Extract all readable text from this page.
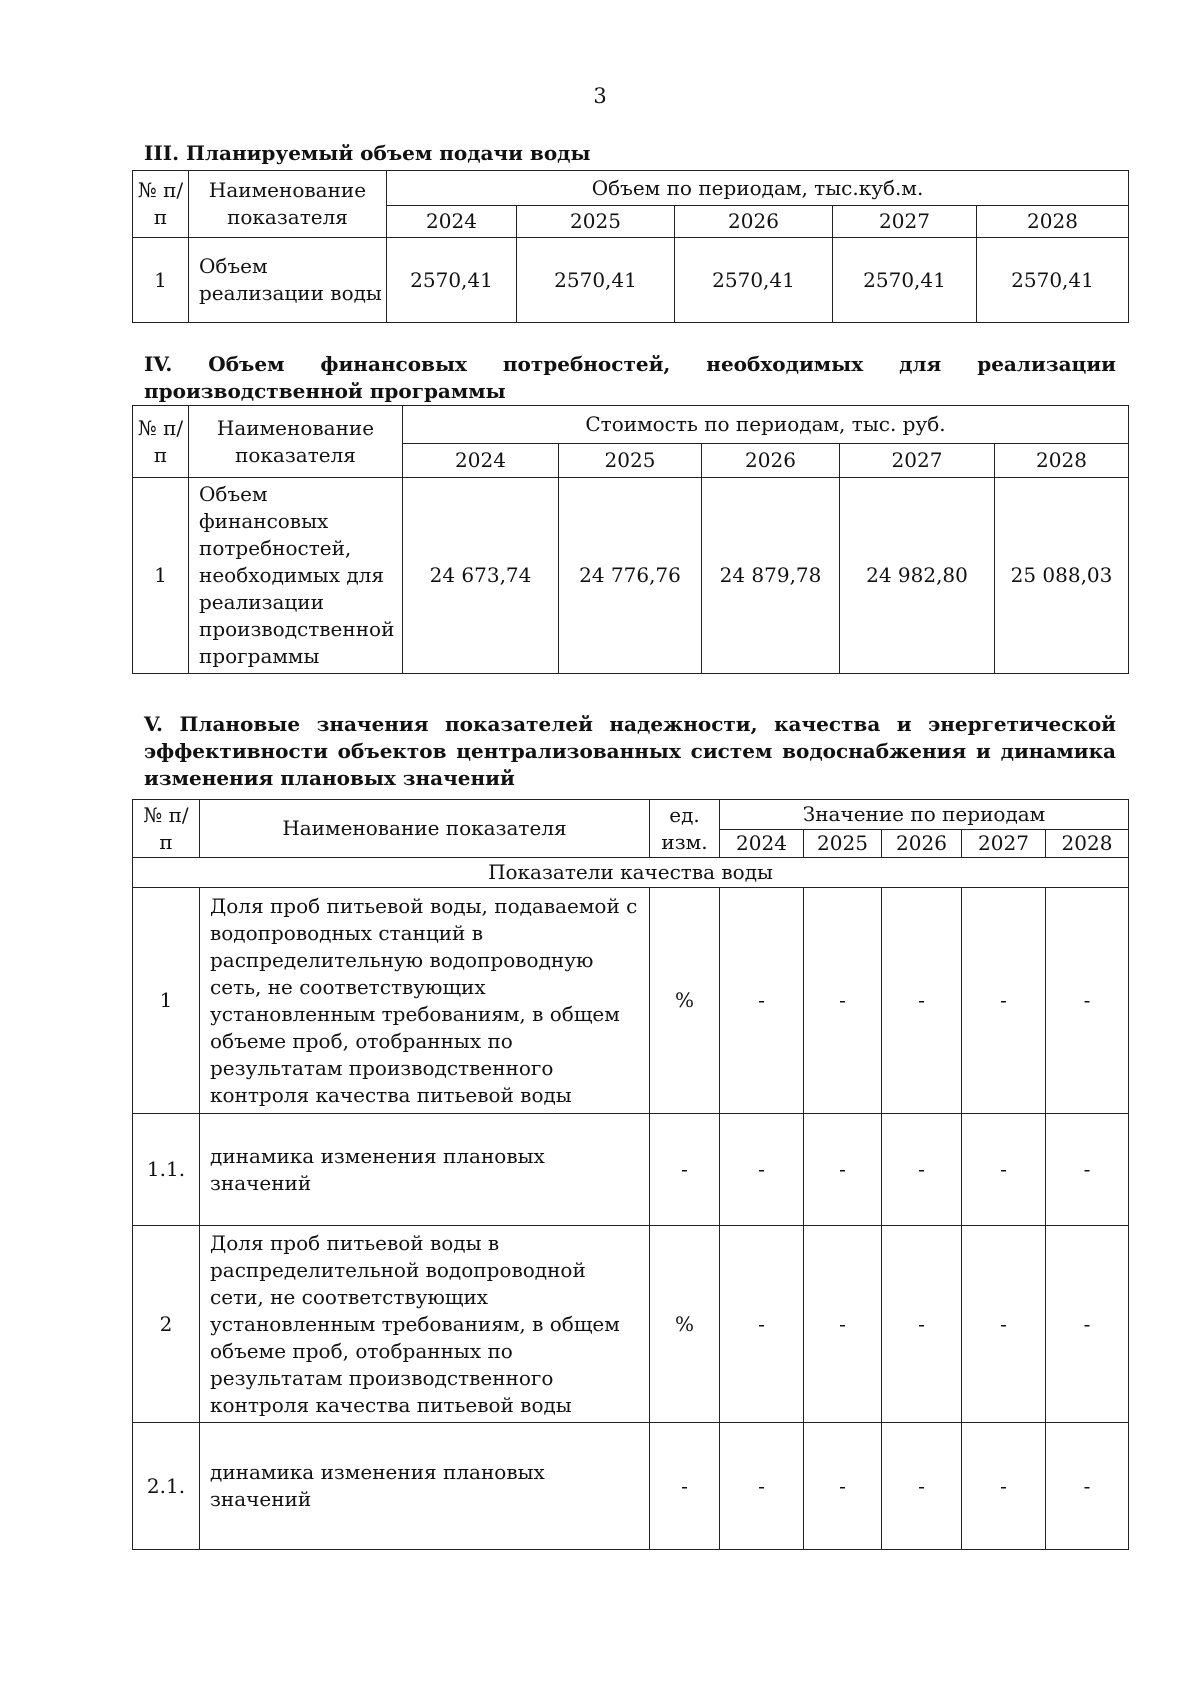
3
III. Планируемый объем подачи воды
№ п/п	Наименование показателя	Объем по периодам, тыс.куб.м.				
		2024	2025	2026	2027	2028
1	Объем реализации воды	2570,41	2570,41	2570,41	2570,41	2570,41
IV. Объем финансовых потребностей, необходимых для реализации производственной программы
№ п/п	Наименование показателя	Стоимость по периодам, тыс. руб.				
		2024	2025	2026	2027	2028
1	Объем финансовых потребностей, необходимых для реализации производственной программы	24 673,74	24 776,76	24 879,78	24 982,80	25 088,03
V. Плановые значения показателей надежности, качества и энергетической эффективности объектов централизованных систем водоснабжения и динамика изменения плановых значений
№ п/п	Наименование показателя	ед. изм.	Значение по периодам				
			2024	2025	2026	2027	2028
Показатели качества воды							
1	Доля проб питьевой воды, подаваемой с водопроводных станций в распределительную водопроводную сеть, не соответствующих установленным требованиям, в общем объеме проб, отобранных по результатам производственного контроля качества питьевой воды	%	-	-	-	-	-
1.1.	динамика изменения плановых значений	-	-	-	-	-	-
2	Доля проб питьевой воды в распределительной водопроводной сети, не соответствующих установленным требованиям, в общем объеме проб, отобранных по результатам производственного контроля качества питьевой воды	%	-	-	-	-	-
2.1.	динамика изменения плановых значений	-	-	-	-	-	-
